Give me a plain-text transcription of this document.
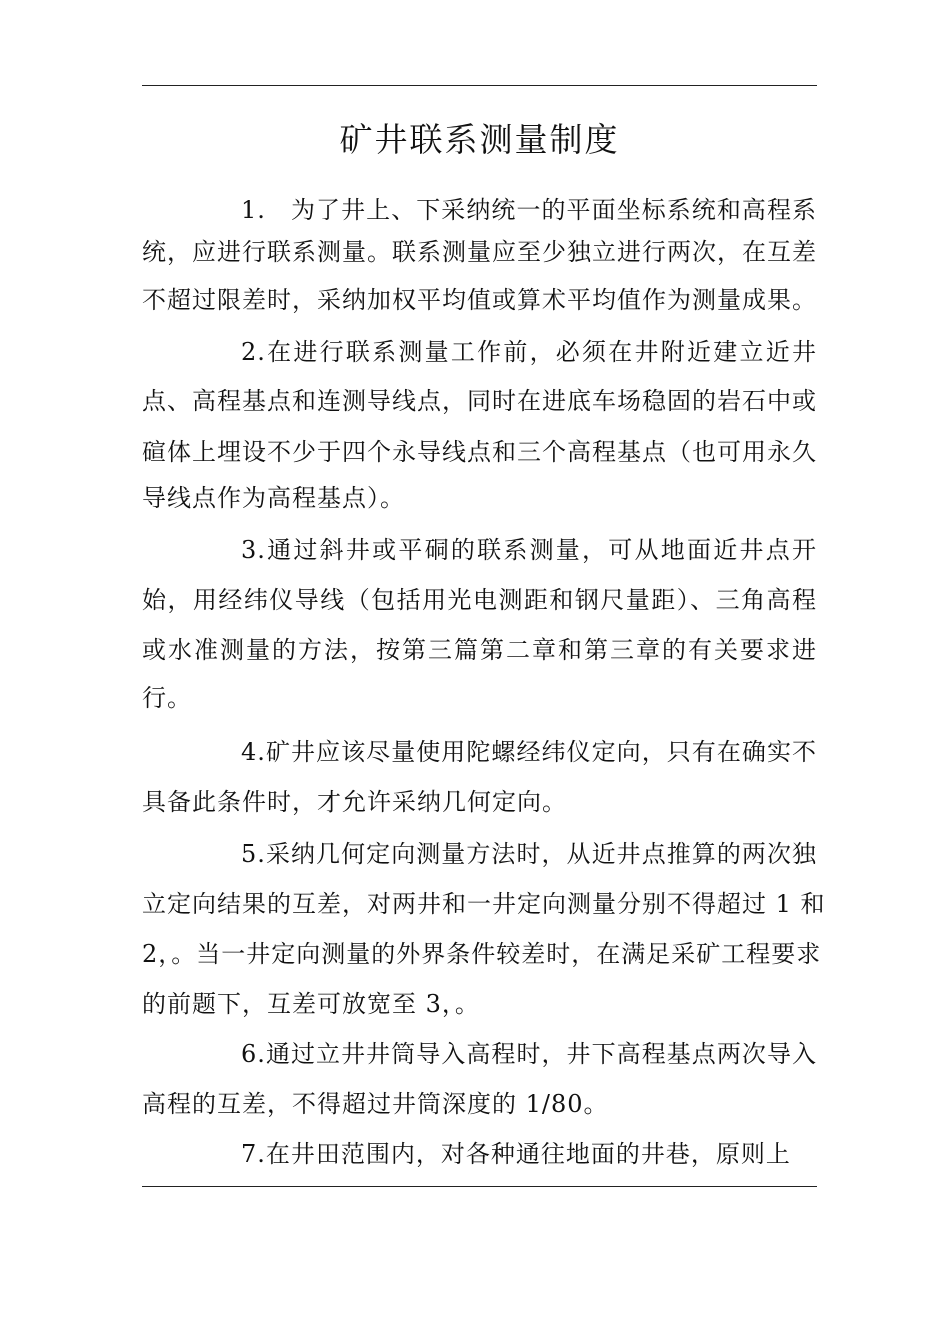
矿井联系测量制度
1.　为了井上、下采纳统一的平面坐标系统和高程系
统，应进行联系测量。联系测量应至少独立进行两次，在互差
不超过限差时，采纳加权平均值或算术平均值作为测量成果。
2.在进行联系测量工作前，必须在井附近建立近井
点、高程基点和连测导线点，同时在进底车场稳固的岩石中或
碹体上埋设不少于四个永导线点和三个高程基点（也可用永久
导线点作为高程基点）。
3.通过斜井或平硐的联系测量，可从地面近井点开
始，用经纬仪导线（包括用光电测距和钢尺量距）、三角高程
或水准测量的方法，按第三篇第二章和第三章的有关要求进
行。
4.矿井应该尽量使用陀螺经纬仪定向，只有在确实不
具备此条件时，才允许采纳几何定向。
5.采纳几何定向测量方法时，从近井点推算的两次独
立定向结果的互差，对两井和一井定向测量分别不得超过 1 和
2，。当一井定向测量的外界条件较差时，在满足采矿工程要求
的前题下，互差可放宽至 3，。
6.通过立井井筒导入高程时，井下高程基点两次导入
高程的互差，不得超过井筒深度的 1/80。
7.在井田范围内，对各种通往地面的井巷，原则上
